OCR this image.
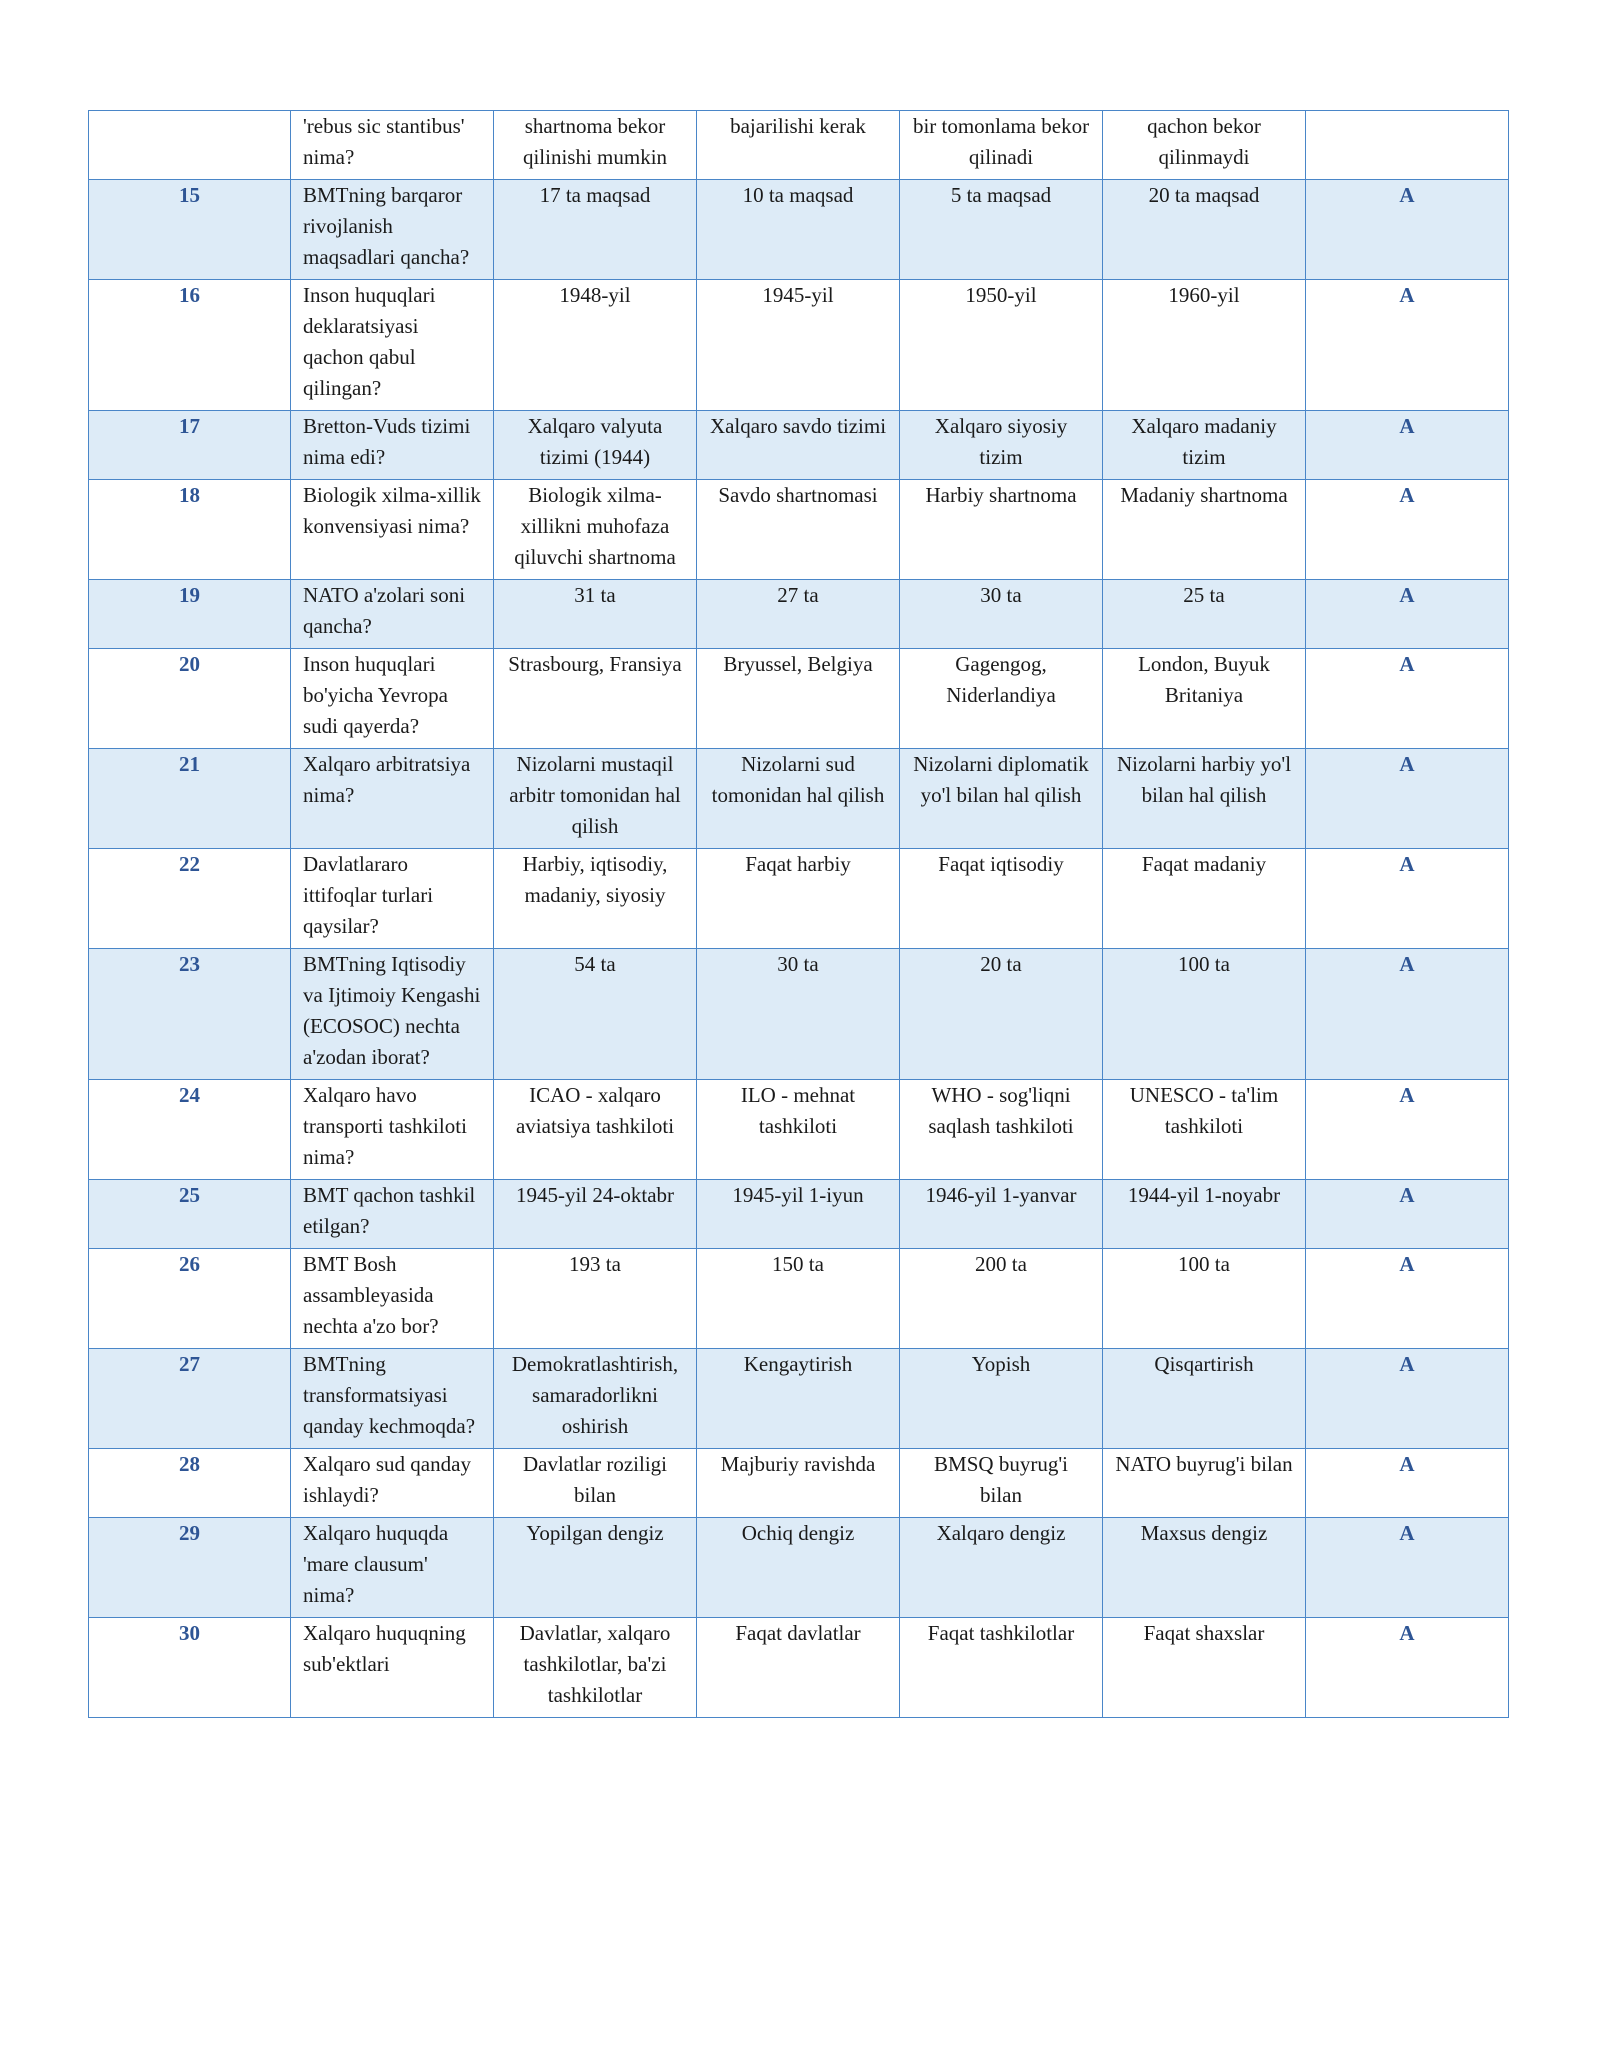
	'rebus sic stantibus' nima?	shartnoma bekor qilinishi mumkin	bajarilishi kerak	bir tomonlama bekor qilinadi	qachon bekor qilinmaydi	
15	BMTning barqaror rivojlanish maqsadlari qancha?	17 ta maqsad	10 ta maqsad	5 ta maqsad	20 ta maqsad	A
16	Inson huquqlari deklaratsiyasi qachon qabul qilingan?	1948-yil	1945-yil	1950-yil	1960-yil	A
17	Bretton-Vuds tizimi nima edi?	Xalqaro valyuta tizimi (1944)	Xalqaro savdo tizimi	Xalqaro siyosiy tizim	Xalqaro madaniy tizim	A
18	Biologik xilma-xillik konvensiyasi nima?	Biologik xilma-xillikni muhofaza qiluvchi shartnoma	Savdo shartnomasi	Harbiy shartnoma	Madaniy shartnoma	A
19	NATO a'zolari soni qancha?	31 ta	27 ta	30 ta	25 ta	A
20	Inson huquqlari bo'yicha Yevropa sudi qayerda?	Strasbourg, Fransiya	Bryussel, Belgiya	Gagengog, Niderlandiya	London, Buyuk Britaniya	A
21	Xalqaro arbitratsiya nima?	Nizolarni mustaqil arbitr tomonidan hal qilish	Nizolarni sud tomonidan hal qilish	Nizolarni diplomatik yo'l bilan hal qilish	Nizolarni harbiy yo'l bilan hal qilish	A
22	Davlatlararo ittifoqlar turlari qaysilar?	Harbiy, iqtisodiy, madaniy, siyosiy	Faqat harbiy	Faqat iqtisodiy	Faqat madaniy	A
23	BMTning Iqtisodiy va Ijtimoiy Kengashi (ECOSOC) nechta a'zodan iborat?	54 ta	30 ta	20 ta	100 ta	A
24	Xalqaro havo transporti tashkiloti nima?	ICAO - xalqaro aviatsiya tashkiloti	ILO - mehnat tashkiloti	WHO - sog'liqni saqlash tashkiloti	UNESCO - ta'lim tashkiloti	A
25	BMT qachon tashkil etilgan?	1945-yil 24-oktabr	1945-yil 1-iyun	1946-yil 1-yanvar	1944-yil 1-noyabr	A
26	BMT Bosh assambleyasida nechta a'zo bor?	193 ta	150 ta	200 ta	100 ta	A
27	BMTning transformatsiyasi qanday kechmoqda?	Demokratlashtirish, samaradorlikni oshirish	Kengaytirish	Yopish	Qisqartirish	A
28	Xalqaro sud qanday ishlaydi?	Davlatlar roziligi bilan	Majburiy ravishda	BMSQ buyrug'i bilan	NATO buyrug'i bilan	A
29	Xalqaro huquqda 'mare clausum' nima?	Yopilgan dengiz	Ochiq dengiz	Xalqaro dengiz	Maxsus dengiz	A
30	Xalqaro huquqning sub'ektlari	Davlatlar, xalqaro tashkilotlar, ba'zi tashkilotlar	Faqat davlatlar	Faqat tashkilotlar	Faqat shaxslar	A
